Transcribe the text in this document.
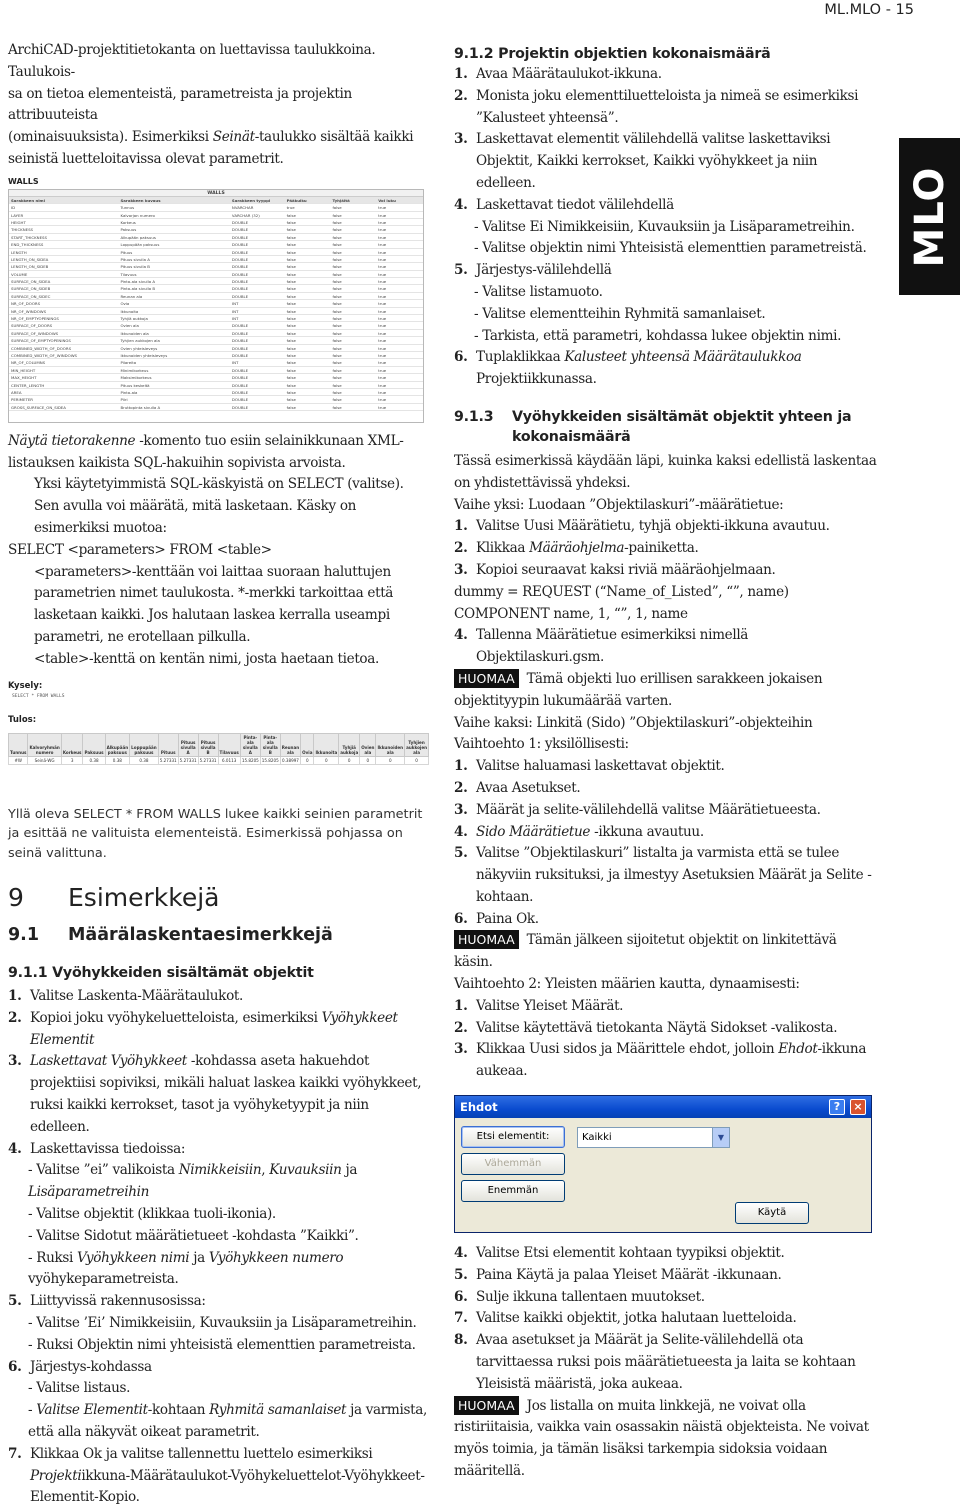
ML.MLO - 15
MLO

ArchiCAD-projektitietokanta on luettavissa taulukkoina. Taulukois-
sa on tietoa elementeistä, parametreista ja projektin attribuuteista
(ominaisuuksista). Esimerkiksi Seinät-taulukko sisältää kaikki
seinistä luetteloitavissa olevat parametrit.

WALLS
WALLS
Sarakkeen nimi	Sarakkeen kuvaus	Sarakkeen tyyppi	Pääkulku	Tyhjältä	Voi luku
ID	Tunnus	NVARCHAR	true	false	true
LAYER	Kalvorjan numero	VARCHAR (32)	false	false	true
HEIGHT	Korkeus	DOUBLE	false	false	true
THICKNESS	Paksuus	DOUBLE	false	false	true
START_THICKNESS	Alkupään paksuus	DOUBLE	false	false	true
END_THICKNESS	Loppupään paksuus	DOUBLE	false	false	true
LENGTH	Pituus	DOUBLE	false	false	true
LENGTH_ON_SIDEA	Pituus sivulla A	DOUBLE	false	false	true
LENGTH_ON_SIDEB	Pituus sivulla B	DOUBLE	false	false	true
VOLUME	Tilavuus	DOUBLE	false	false	true
SURFACE_ON_SIDEA	Pinta-ala sivulla A	DOUBLE	false	false	true
SURFACE_ON_SIDEB	Pinta-ala sivulla B	DOUBLE	false	false	true
SURFACE_ON_SIDEC	Reunan ala	DOUBLE	false	false	true
NR_OF_DOORS	Ovia	INT	false	false	true
NR_OF_WINDOWS	Ikkunoita	INT	false	false	true
NR_OF_EMPTYOPENINGS	Tyhjiä aukkoja	INT	false	false	true
SURFACE_OF_DOORS	Ovien ala	DOUBLE	false	false	true
SURFACE_OF_WINDOWS	Ikkunoiden ala	DOUBLE	false	false	true
SURFACE_OF_EMPTYOPENINGS	Tyhjien aukkojen ala	DOUBLE	false	false	true
COMBINED_WIDTH_OF_DOORS	Ovien yhteisleveys	DOUBLE	false	false	true
COMBINED_WIDTH_OF_WINDOWS	Ikkunoiden yhteisleveys	DOUBLE	false	false	true
NR_OF_COLUMNS	Pilareita	INT	false	false	true
MIN_HEIGHT	Minimikorkeus	DOUBLE	false	false	true
MAX_HEIGHT	Maksimikorkeus	DOUBLE	false	false	true
CENTER_LENGTH	Pituus keskeltä	DOUBLE	false	false	true
AREA	Pinta-ala	DOUBLE	false	false	true
PERIMETER	Piiri	DOUBLE	false	false	true
GROSS_SURFACE_ON_SIDEA	Bruttopinta sivulla A	DOUBLE	false	false	true

Näytä tietorakenne -komento tuo esiin selainikkunaan XML- listauksen kaikista SQL-hakuihin sopivista arvoista.

Yksi käytetyimmistä SQL-käskyistä on SELECT (valitse). Sen avulla voi määrätä, mitä lasketaan. Käsky on esimerkiksi muotoa:

SELECT <parameters> FROM <table>

<parameters>-kenttään voi laittaa suoraan haluttujen parametrien nimet taulukosta. *-merkki tarkoittaa että lasketaan kaikki. Jos halutaan laskea kerralla useampi parametri, ne erotellaan pilkulla.

<table>-kenttä on kentän nimi, josta haetaan tietoa.

Kysely:
SELECT * FROM WALLS
Tulos:
Tunnus	Kalvoryhmän numero	Korkeus	Paksuus	Alkupään paksuus	Loppupään paksuus	Pituus	Pituus sivulla A	Pituus sivulla B	Tilavuus	Pinta-ala sivulla A	Pinta-ala sivulla B	Reunan ala	Ovia	Ikkunoita	Tyhjiä aukkoja	Ovien ala	Ikkunoiden ala	Tyhjien aukkojen ala
#W	Seinä-WG	3	0.38	0.38	0.38	5.27331	5.27331	5.27331	6.0113	15.8205	15.8205	0.38997	0	0	0	0	0	0

Yllä oleva SELECT * FROM WALLS lukee kaikki seinien parametrit ja esittää ne valituista elementeistä. Esimerkissä pohjassa on seinä valittuna.

9	Esimerkkejä
9.1	Määrälaskentaesimerkkejä
9.1.1 Vyöhykkeiden sisältämät objektit
1. Valitse Laskenta-Määrätaulukot.
2. Kopioi joku vyöhykeluetteloista, esimerkiksi Vyöhykkeet Elementit
3. Laskettavat Vyöhykkeet -kohdassa aseta hakuehdot projektiisi sopiviksi, mikäli haluat laskea kaikki vyöhykkeet, ruksi kaikki kerrokset, tasot ja vyöhyketyypit ja niin edelleen.
4. Laskettavissa tiedoissa:
- Valitse ”ei” valikoista Nimikkeisiin, Kuvauksiin ja Lisäparametreihin
- Valitse objektit (klikkaa tuoli-ikonia).
- Valitse Sidotut määrätietueet -kohdasta ”Kaikki”.
- Ruksi Vyöhykkeen nimi ja Vyöhykkeen numero vyöhykeparametreista.
5. Liittyvissä rakennusosissa:
- Valitse ’Ei’ Nimikkeisiin, Kuvauksiin ja Lisäparametreihin.
- Ruksi Objektin nimi yhteisistä elementtien parametreista.
6. Järjestys-kohdassa
- Valitse listaus.
- Valitse Elementit-kohtaan Ryhmitä samanlaiset ja varmista, että alla näkyvät oikeat parametrit.
7. Klikkaa Ok ja valitse tallennettu luettelo esimerkiksi Projektiikkuna-Määrätaulukot-Vyöhykeluettelot-Vyöhykkeet-Elementit-Kopio.
9.1.2 Projektin objektien kokonaismäärä
1. Avaa Määrätaulukot-ikkuna.
2. Monista joku elementtiluetteloista ja nimeä se esimerkiksi ”Kalusteet yhteensä”.
3. Laskettavat elementit välilehdellä valitse laskettaviksi Objektit, Kaikki kerrokset, Kaikki vyöhykkeet ja niin edelleen.
4. Laskettavat tiedot välilehdellä
- Valitse Ei Nimikkeisiin, Kuvauksiin ja Lisäparametreihin.
- Valitse objektin nimi Yhteisistä elementtien parametreistä.
5. Järjestys-välilehdellä
- Valitse listamuoto.
- Valitse elementteihin Ryhmitä samanlaiset.
- Tarkista, että parametri, kohdassa lukee objektin nimi.
6. Tuplaklikkaa Kalusteet yhteensä Määrätaulukkoa Projektiikkunassa.
9.1.3	Vyöhykkeiden sisältämät objektit yhteen ja kokonaismäärä
Tässä esimerkissä käydään läpi, kuinka kaksi edellistä laskentaa on yhdistettävissä yhdeksi.
Vaihe yksi: Luodaan ”Objektilaskuri”-määrätietue:
1. Valitse Uusi Määrätietu, tyhjä objekti-ikkuna avautuu.
2. Klikkaa Määräohjelma-painiketta.
3. Kopioi seuraavat kaksi riviä määräohjelmaan.
dummy = REQUEST (“Name_of_Listed”, “”, name)
COMPONENT name, 1, “”, 1, name
4. Tallenna Määrätietue esimerkiksi nimellä Objektilaskuri.gsm.
HUOMAA Tämä objekti luo erillisen sarakkeen jokaisen objektityypin lukumäärää varten.
Vaihe kaksi: Linkitä (Sido) ”Objektilaskuri”-objekteihin
Vaihtoehto 1: yksilöllisesti:
1. Valitse haluamasi laskettavat objektit.
2. Avaa Asetukset.
3. Määrät ja selite-välilehdellä valitse Määrätietueesta.
4. Sido Määrätietue -ikkuna avautuu.
5. Valitse ”Objektilaskuri” listalta ja varmista että se tulee näkyviin ruksituksi, ja ilmestyy Asetuksien Määrät ja Selite -kohtaan.
6. Paina Ok.
HUOMAA Tämän jälkeen sijoitetut objektit on linkitettävä käsin.
Vaihtoehto 2: Yleisten määrien kautta, dynaamisesti:
1. Valitse Yleiset Määrät.
2. Valitse käytettävä tietokanta Näytä Sidokset -valikosta.
3. Klikkaa Uusi sidos ja Määrittele ehdot, jolloin Ehdot-ikkuna aukeaa.
Ehdot	?	×
Etsi elementit:	Kaikki	▼
Vähemmän
Enemmän
Käytä
4. Valitse Etsi elementit kohtaan tyypiksi objektit.
5. Paina Käytä ja palaa Yleiset Määrät -ikkunaan.
6. Sulje ikkuna tallentaen muutokset.
7. Valitse kaikki objektit, jotka halutaan luetteloida.
8. Avaa asetukset ja Määrät ja Selite-välilehdellä ota tarvittaessa ruksi pois määrätietueesta ja laita se kohtaan Yleisistä määristä, joka aukeaa.
HUOMAA Jos listalla on muita linkkejä, ne voivat olla ristiriitaisia, vaikka vain osassakin näistä objekteista. Ne voivat myös toimia, ja tämän lisäksi tarkempia sidoksia voidaan määritellä.
